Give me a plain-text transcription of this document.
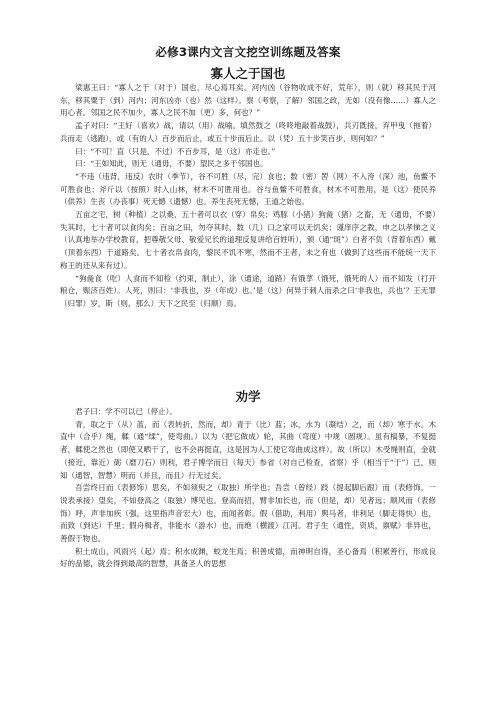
必修3课内文言文挖空训练题及答案
寡人之于国也

梁惠王曰：“寡人之于（对于）国也，尽心焉耳矣。河内凶（谷物收成不好，荒年），则（就）移其民于河东，移其粟于（到）河内；河东凶亦（也）然（这样）。察（考察，了解）邻国之政，无如（没有像……）寡人之用心者。邻国之民不加少，寡人之民不加（更）多，何也？”

孟子对曰：“王好（喜欢）战，请以（用）战喻。填然鼓之（咚咚地敲着战鼓），兵刃既接，弃甲曳（拖着）兵而走（逃跑），或（有的人）百步而后止，或五十步而后止。以（凭）五十步笑百步，则何如？”

曰：“不可！直（只是，不过）不百步耳，是（这）亦走也。”

曰：“王如知此，则无（通毋，不要）望民之多于邻国也。

“不违（违背，违反）农时（季节），谷不可胜（尽，完）食也；数（密）罟（网）不入洿（深）池，鱼鳖不可胜食也；斧斤以（按照）时入山林，材木不可胜用也。谷与鱼鳖不可胜食，材木不可胜用，是（这）使民养（供养）生丧（办丧事）死无憾（遗憾）也。养生丧死无憾，王道之始也。

五亩之宅，树（种植）之以桑，五十者可以衣（穿）帛矣；鸡豚（小猪）狗彘（猪）之畜，无（通毋，不要）失其时，七十者可以食肉矣；百亩之田，勿夺其时，数（几）口之家可以无饥矣；谨庠序之教，申之以孝悌之义（认真地举办学校教育，把尊敬父母、敬爱兄长的道理反复讲给百姓听），颁（通“斑”）白者不负（背着东西）戴（顶着东西）于道路矣。七十者衣帛食肉，黎民不饥不寒，然而不王者，未之有也（做到了这些而不能统一天下称王的还从来有过）。

“狗彘食（吃）人食而不知检（约束，制止），涂（通途，道路）有饿莩（饿死，饿死的人）而不知发（打开粮仓，赈济百姓）。人死，则曰：‘非我也，岁（年成）也。’是（这）何异于刺人而杀之曰‘非我也，兵也’？王无罪（归罪）岁，斯（则，那么）天下之民至（归顺）焉。

劝学

君子曰：学不可以已（停止）。

青，取之于（从）蓝，而（表转折，然而，却）青于（比）蓝；冰，水为（凝结）之，而（却）寒于水。木直中（合乎）绳，輮（通“煣”，使弯曲。）以为（把它做成）轮，其曲（弯度）中规（圆规）。虽有槁暴，不复挺者，輮使之然也（即使又晒干了，也不会再挺直，这是因为人工使它弯曲成这样）。故（所以）木受绳则直，金就（接近，靠近）砺（磨刀石）则利，君子博学而日（每天）参省（对自己检查，省察）乎（相当于“于”）己，则知（通智，智慧）明而（并且，而且）行无过矣。

吾尝终日而（表修饰）思矣，不如须臾之（取独）所学也；吾尝（曾经）跂（提起脚后跟）而（表修饰，一说表承接）望矣，不如登高之（取独）博见也。登高而招，臂非加长也，而（但是，却）见者远；顺风而（表修饰）呼，声非加疾（强，这里指声音宏大）也，而闻者彰。假（借助，利用）舆马者，非利足（脚走得快）也，而致（到达）千里；假舟楫者，非能水（游水）也，而绝（横渡）江河。君子生（通性，资质，禀赋）非异也，善假于物也。

积土成山，风雨兴（起）焉；积水成渊，蛟龙生焉；积善成德，而神明自得，圣心备焉（积累善行，形成良好的品德，就会得到最高的智慧，具备圣人的思想
